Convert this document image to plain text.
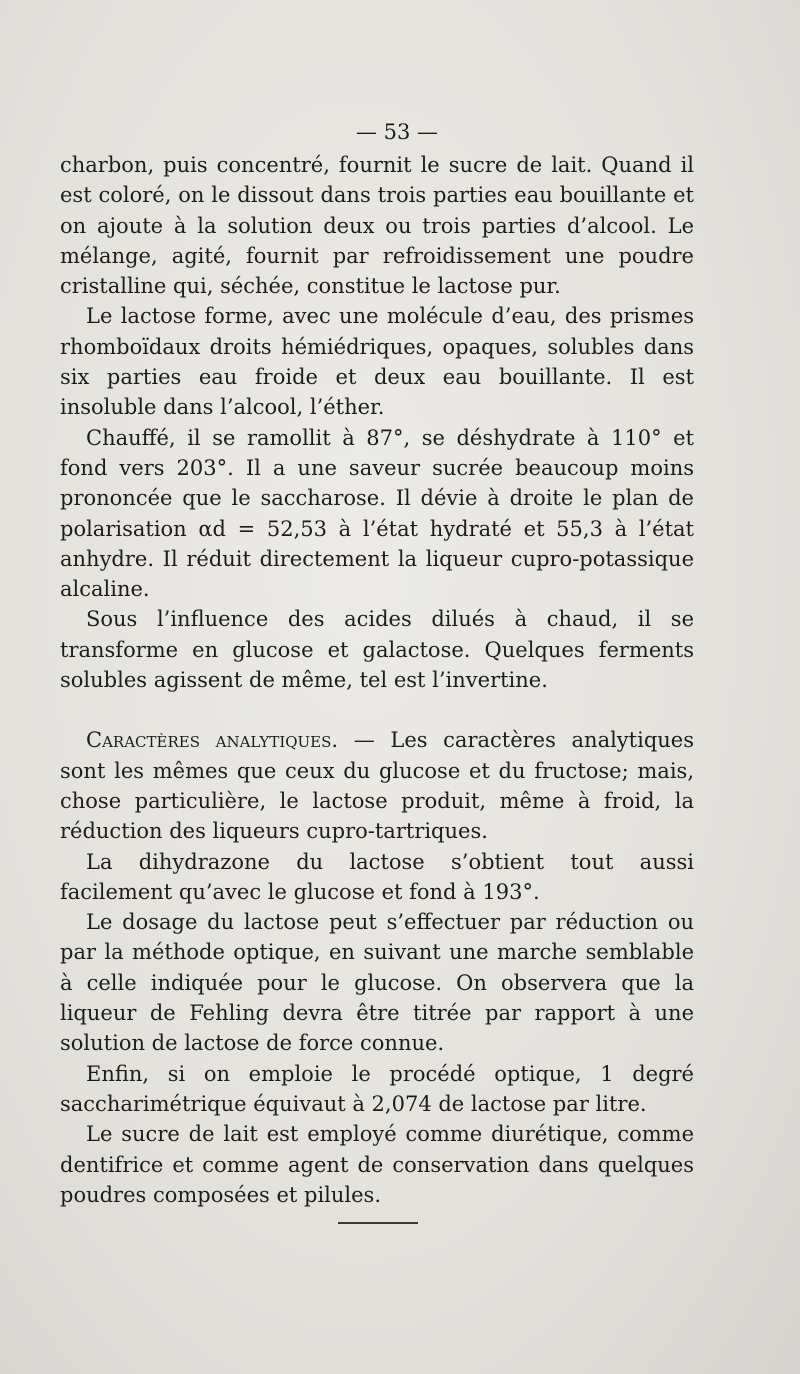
— 53 —

charbon, puis concentré, fournit le sucre de lait. Quand il est coloré, on le dissout dans trois parties eau bouillante et on ajoute à la solution deux ou trois parties d’alcool. Le mélange, agité, fournit par refroidissement une poudre cristalline qui, séchée, constitue le lactose pur.

Le lactose forme, avec une molécule d’eau, des prismes rhomboïdaux droits hémiédriques, opaques, solubles dans six parties eau froide et deux eau bouillante. Il est insoluble dans l’alcool, l’éther.

Chauffé, il se ramollit à 87°, se déshydrate à 110° et fond vers 203°. Il a une saveur sucrée beaucoup moins prononcée que le saccharose. Il dévie à droite le plan de polarisation αd = 52,53 à l’état hydraté et 55,3 à l’état anhydre. Il réduit directement la liqueur cupro-potassique alcaline.

Sous l’influence des acides dilués à chaud, il se transforme en glucose et galactose. Quelques ferments solubles agissent de même, tel est l’invertine.

Caractères analytiques. — Les caractères analytiques sont les mêmes que ceux du glucose et du fructose; mais, chose particulière, le lactose produit, même à froid, la réduction des liqueurs cupro-tartriques.

La dihydrazone du lactose s’obtient tout aussi facilement qu’avec le glucose et fond à 193°.

Le dosage du lactose peut s’effectuer par réduction ou par la méthode optique, en suivant une marche semblable à celle indiquée pour le glucose. On observera que la liqueur de Fehling devra être titrée par rapport à une solution de lactose de force connue.

Enfin, si on emploie le procédé optique, 1 degré saccharimétrique équivaut à 2,074 de lactose par litre.

Le sucre de lait est employé comme diurétique, comme dentifrice et comme agent de conservation dans quelques poudres composées et pilules.
